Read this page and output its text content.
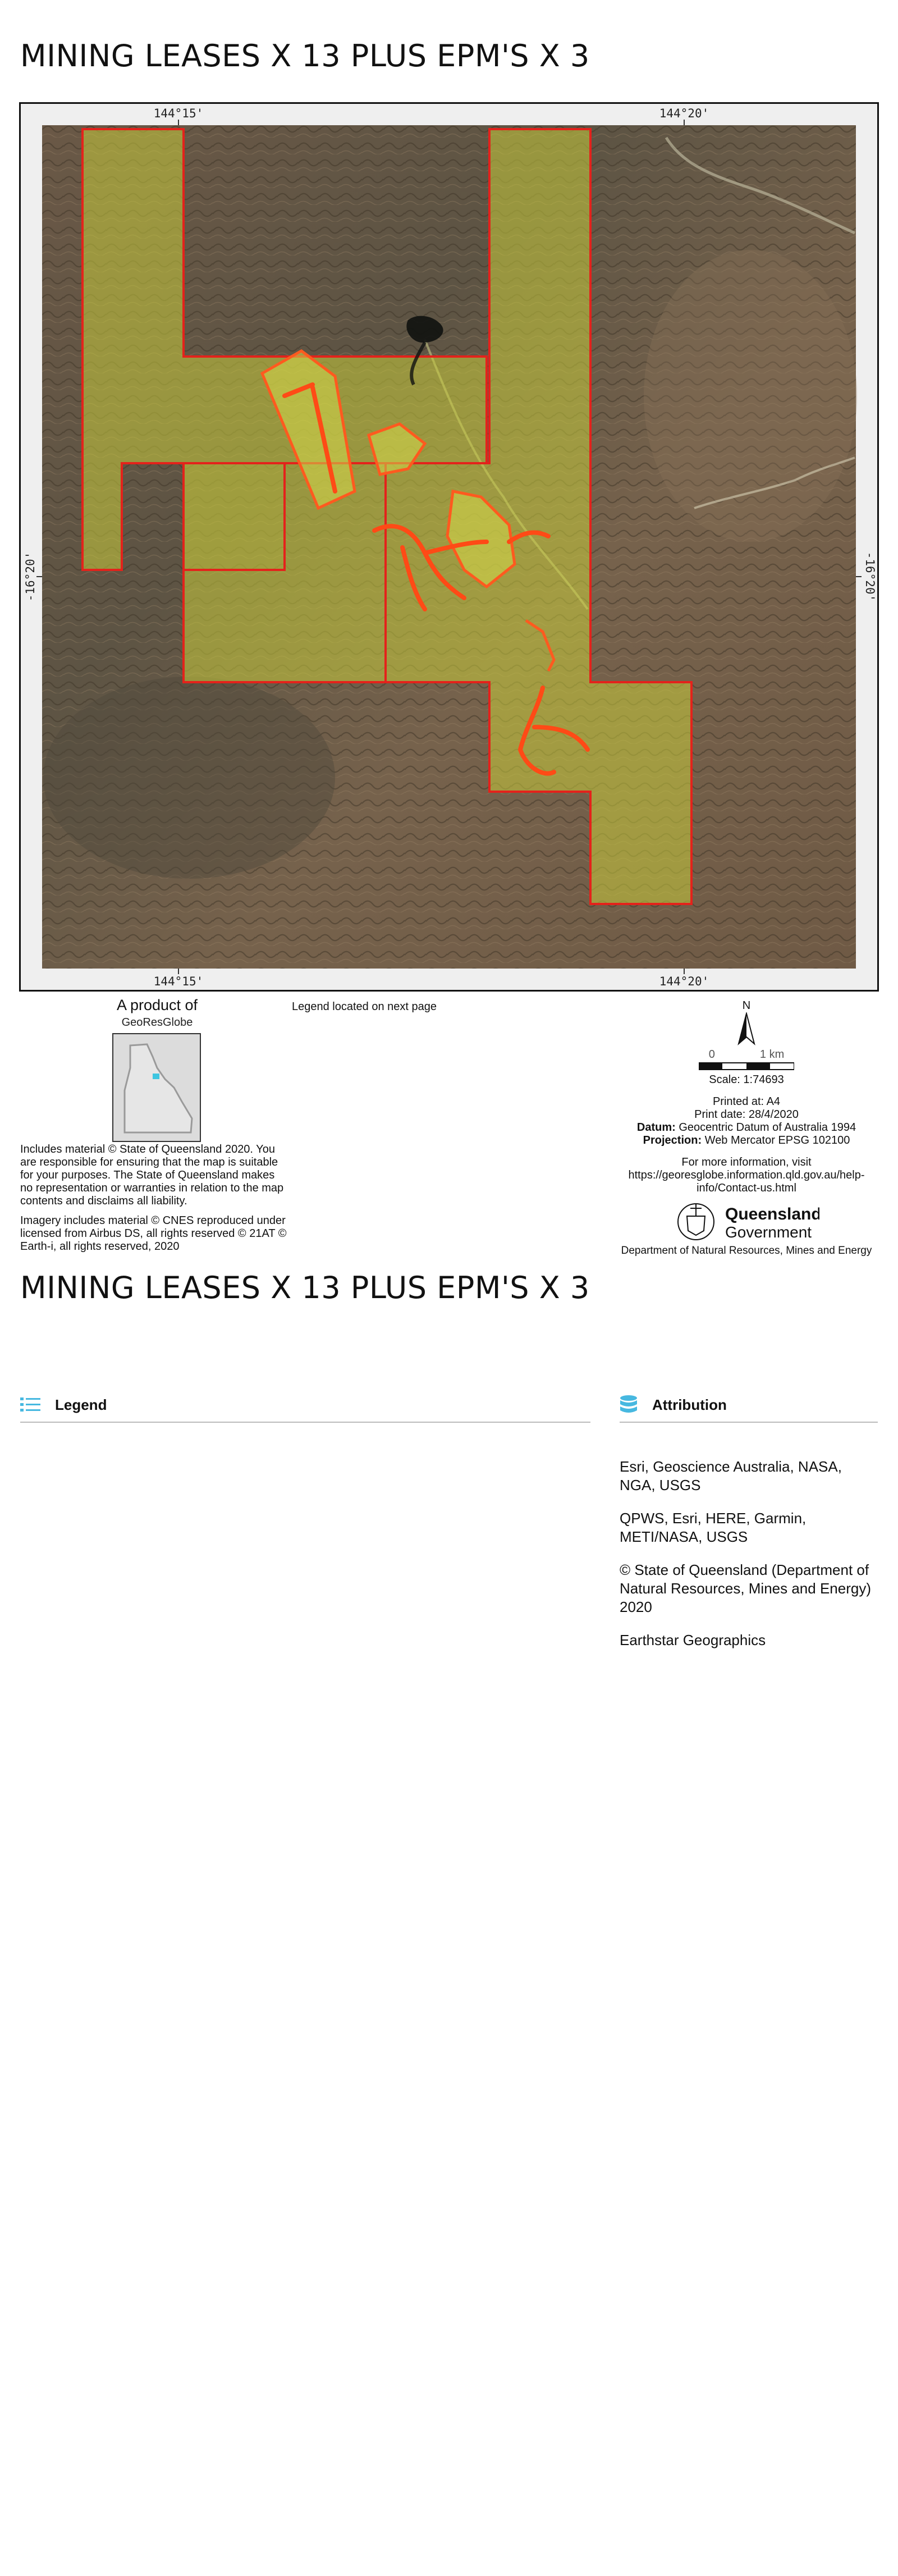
MINING LEASES X 13 PLUS EPM'S X 3
144°15'	144°20'
144°15'	144°20'
-16°20'	-16°20'
A product of
GeoResGlobe

Includes material © State of Queensland 2020. You are responsible for ensuring that the map is suitable for your purposes. The State of Queensland makes no representation or warranties in relation to the map contents and disclaims all liability.

Imagery includes material © CNES reproduced under licensed from Airbus DS, all rights reserved © 21AT © Earth-i, all rights reserved, 2020

Legend located on next page	N

0	1 km

Scale: 1:74693

Printed at: A4

Print date: 28/4/2020

Datum: Geocentric Datum of Australia 1994

Projection: Web Mercator EPSG 102100

For more information, visit

https://georesglobe.information.qld.gov.au/help-info/Contact-us.html

Queensland
Government
Department of Natural Resources, Mines and Energy
MINING LEASES X 13 PLUS EPM'S X 3
Legend	Attribution

Esri, Geoscience Australia, NASA, NGA, USGS

QPWS, Esri, HERE, Garmin, METI/NASA, USGS

© State of Queensland (Department of Natural Resources, Mines and Energy) 2020

Earthstar Geographics
